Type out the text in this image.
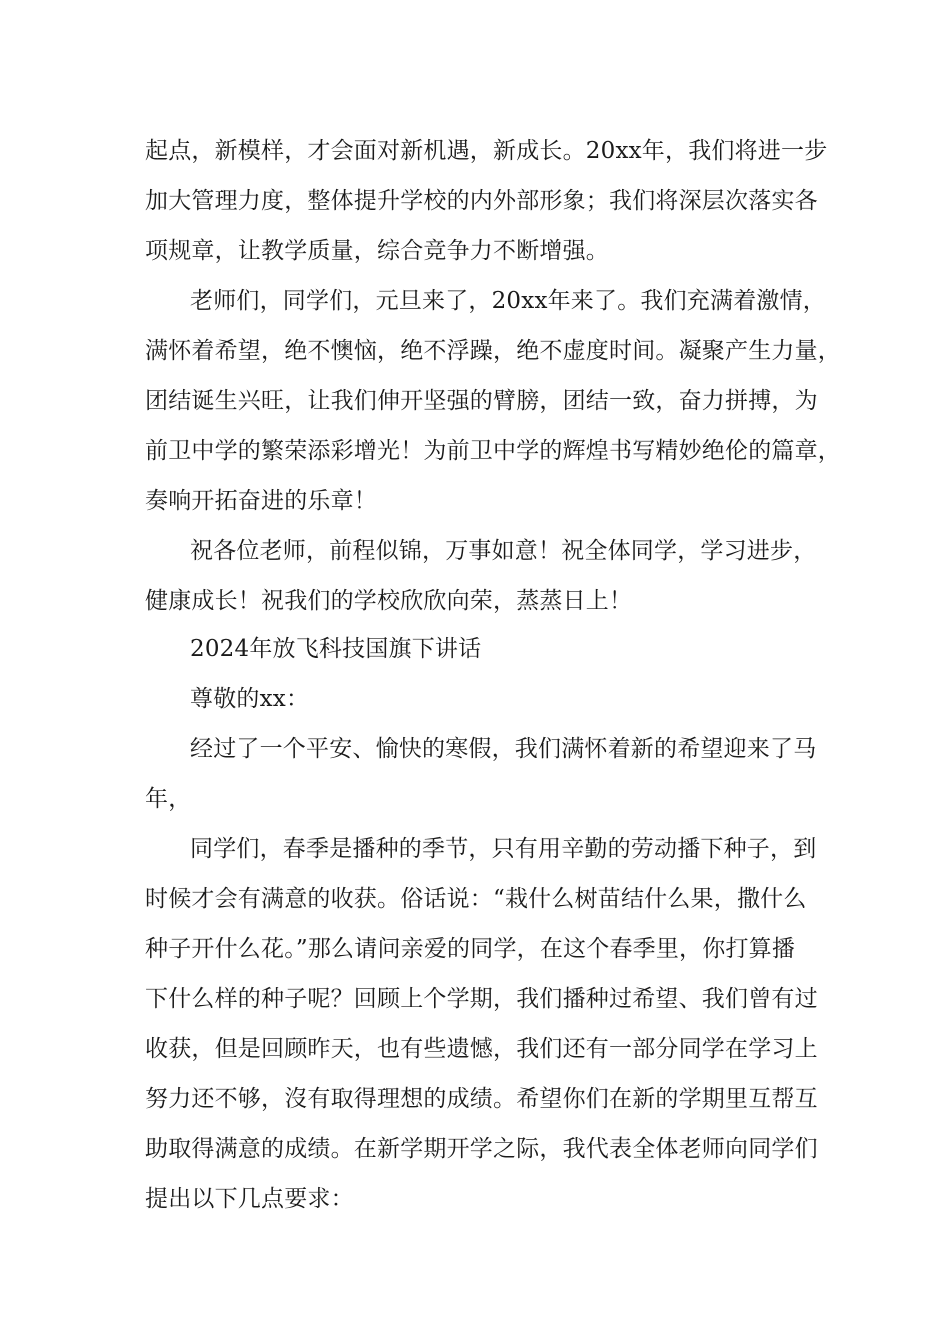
起点，新模样，才会面对新机遇，新成长。20xx年，我们将进一步
加大管理力度，整体提升学校的内外部形象；我们将深层次落实各
项规章，让教学质量，综合竞争力不断增强。
老师们，同学们，元旦来了，20xx年来了。我们充满着激情，
满怀着希望，绝不懊恼，绝不浮躁，绝不虚度时间。凝聚产生力量，
团结诞生兴旺，让我们伸开坚强的臂膀，团结一致，奋力拼搏，为
前卫中学的繁荣添彩增光！为前卫中学的辉煌书写精妙绝伦的篇章，
奏响开拓奋进的乐章！
祝各位老师，前程似锦，万事如意！祝全体同学，学习进步，
健康成长！祝我们的学校欣欣向荣，蒸蒸日上！
2024年放飞科技国旗下讲话
尊敬的xx：
经过了一个平安、愉快的寒假，我们满怀着新的希望迎来了马
年，
同学们，春季是播种的季节，只有用辛勤的劳动播下种子，到
时候才会有满意的收获。俗话说：“栽什么树苗结什么果，撒什么
种子开什么花。”那么请问亲爱的同学，在这个春季里，你打算播
下什么样的种子呢？回顾上个学期，我们播种过希望、我们曾有过
收获，但是回顾昨天，也有些遗憾，我们还有一部分同学在学习上
努力还不够，沒有取得理想的成绩。希望你们在新的学期里互帮互
助取得满意的成绩。在新学期开学之际，我代表全体老师向同学们
提出以下几点要求：
